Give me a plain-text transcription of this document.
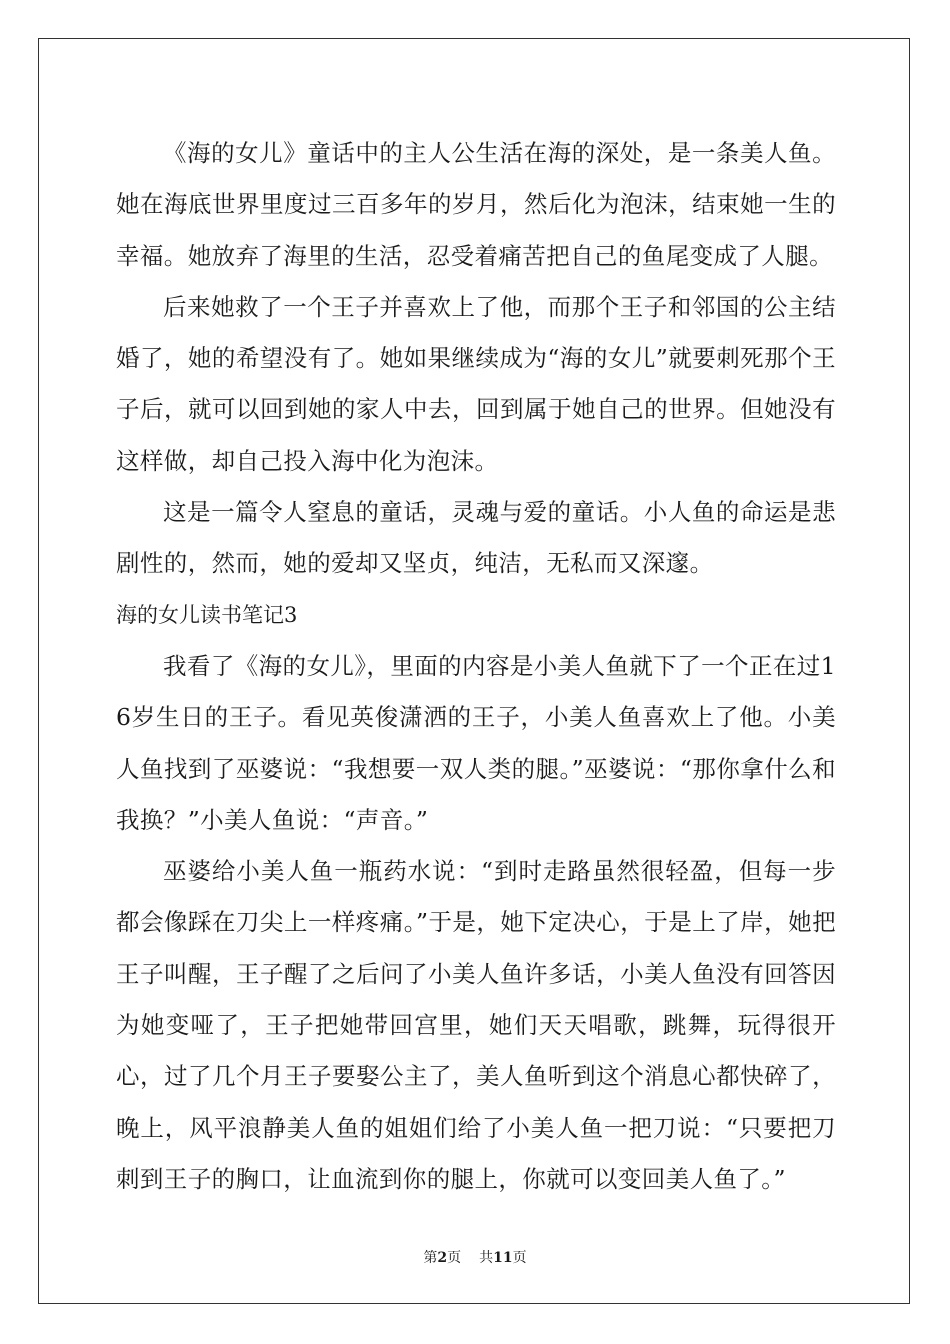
《海的女儿》童话中的主人公生活在海的深处，是一条美人鱼。她在海底世界里度过三百多年的岁月，然后化为泡沫，结束她一生的幸福。她放弃了海里的生活，忍受着痛苦把自己的鱼尾变成了人腿。

后来她救了一个王子并喜欢上了他，而那个王子和邻国的公主结婚了，她的希望没有了。她如果继续成为“海的女儿”就要刺死那个王子后，就可以回到她的家人中去，回到属于她自己的世界。但她没有这样做，却自己投入海中化为泡沫。

这是一篇令人窒息的童话，灵魂与爱的童话。小人鱼的命运是悲剧性的，然而，她的爱却又坚贞，纯洁，无私而又深邃。

海的女儿读书笔记3

我看了《海的女儿》，里面的内容是小美人鱼就下了一个正在过16岁生日的王子。看见英俊潇洒的王子，小美人鱼喜欢上了他。小美人鱼找到了巫婆说：“我想要一双人类的腿。”巫婆说：“那你拿什么和我换？”小美人鱼说：“声音。”

巫婆给小美人鱼一瓶药水说：“到时走路虽然很轻盈，但每一步都会像踩在刀尖上一样疼痛。”于是，她下定决心，于是上了岸，她把王子叫醒，王子醒了之后问了小美人鱼许多话，小美人鱼没有回答因为她变哑了，王子把她带回宫里，她们天天唱歌，跳舞，玩得很开心，过了几个月王子要娶公主了，美人鱼听到这个消息心都快碎了，晚上，风平浪静美人鱼的姐姐们给了小美人鱼一把刀说：“只要把刀刺到王子的胸口，让血流到你的腿上，你就可以变回美人鱼了。”

第2页 共11页
